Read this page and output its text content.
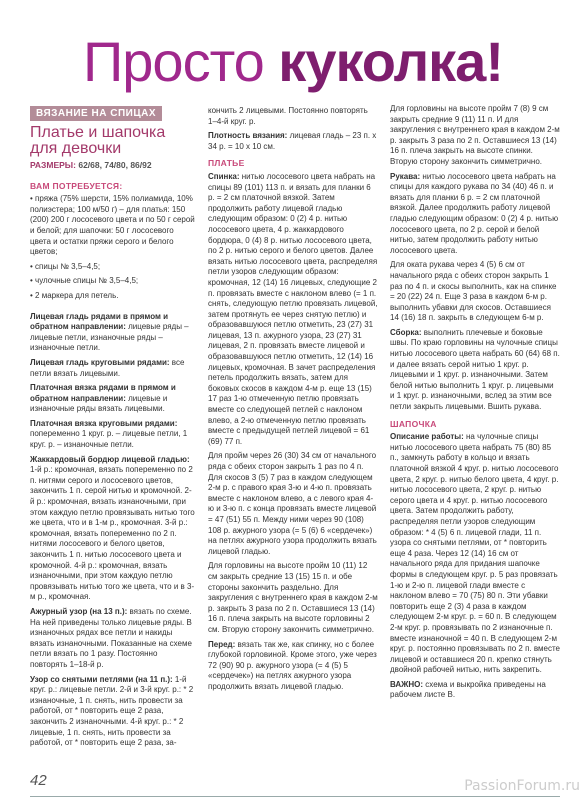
Просто куколка!
ВЯЗАНИЕ НА СПИЦАХ
Платье и шапочка для девочки
РАЗМЕРЫ: 62/68, 74/80, 86/92
ВАМ ПОТРЕБУЕТСЯ:

• пряжа (75% шерсти, 15% полиамида, 10% полиэстера; 100 м/50 г) – для платья: 150 (200) 200 г лососевого цвета и по 50 г серой и белой; для шапочки: 50 г лососевого цвета и остатки пряжи серого и белого цветов;

• спицы № 3,5–4,5;

• чулочные спицы № 3,5–4,5;

• 2 маркера для петель.

Лицевая гладь рядами в прямом и обратном направлении: лицевые ряды – лицевые петли, изнаночные ряды – изнаночные петли.

Лицевая гладь круговыми рядами: все петли вязать лицевыми.

Платочная вязка рядами в прямом и обратном направлении: лицевые и изнаночные ряды вязать лицевыми.

Платочная вязка круговыми рядами: попеременно 1 круг. р. – лицевые петли, 1 круг. р. – изнаночные петли.

Жаккардовый бордюр лицевой гладью: 1-й р.: кромочная, вязать попеременно по 2 п. нитями серого и лососевого цветов, закончить 1 п. серой нитью и кромочной. 2-й р.: кромочная, вязать изнаночными, при этом каждую петлю провязывать нитью того же цвета, что и в 1-м р., кромочная. 3-й р.: кромочная, вязать попеременно по 2 п. нитями лососевого и белого цветов, закончить 1 п. нитью лососевого цвета и кромочной. 4-й р.: кромочная, вязать изнаночными, при этом каждую петлю провязывать нитью того же цвета, что и в 3-м р., кромочная.

Ажурный узор (на 13 п.): вязать по схеме. На ней приведены только лицевые ряды. В изнаночных рядах все петли и накиды вязать изнаночными. Показанные на схеме петли вязать по 1 разу. Постоянно повторять 1–18-й р.

Узор со снятыми петлями (на 11 п.): 1-й круг. р.: лицевые петли. 2-й и 3-й круг. р.: * 2 изнаночные, 1 п. снять, нить провести за работой, от * повторить еще 2 раза, закончить 2 изнаночными. 4-й круг. р.: * 2 лицевые, 1 п. снять, нить провести за работой, от * повторить еще 2 раза, за-

кончить 2 лицевыми. Постоянно повторять 1–4-й круг. р.

Плотность вязания: лицевая гладь – 23 п. х 34 р. = 10 х 10 см.

ПЛАТЬЕ

Спинка: нитью лососевого цвета набрать на спицы 89 (101) 113 п. и вязать для планки 6 р. = 2 см платочной вязкой. Затем продолжить работу лицевой гладью следующим образом: 0 (2) 4 р. нитью лососевого цвета, 4 р. жаккардового бордюра, 0 (4) 8 р. нитью лососевого цвета, по 2 р. нитью серого и белого цветов. Далее вязать нитью лососевого цвета, распределяя петли узоров следующим образом: кромочная, 12 (14) 16 лицевых, следующие 2 п. провязать вместе с наклоном влево (= 1 п. снять, следующую петлю провязать лицевой, затем протянуть ее через снятую петлю) и образовавшуюся петлю отметить, 23 (27) 31 лицевая, 13 п. ажурного узора, 23 (27) 31 лицевая, 2 п. провязать вместе лицевой и образовавшуюся петлю отметить, 12 (14) 16 лицевых, кромочная. В зачет распределения петель продолжить вязать, затем для боковых скосов в каждом 4-м р. еще 13 (15) 17 раз 1-ю отмеченную петлю провязать вместе со следующей петлей с наклоном влево, а 2-ю отмеченную петлю провязать вместе с предыдущей петлей лицевой = 61 (69) 77 п.

Для пройм через 26 (30) 34 см от начального ряда с обеих сторон закрыть 1 раз по 4 п. Для скосов 3 (5) 7 раз в каждом следующем 2-м р. с правого края 3-ю и 4-ю п. провязать вместе с наклоном влево, а с левого края 4-ю и 3-ю п. с конца провязать вместе лицевой = 47 (51) 55 п. Между ними через 90 (108) 108 р. ажурного узора (= 5 (6) 6 «сердечек») на петлях ажурного узора продолжить вязать лицевой гладью.

Для горловины на высоте пройм 10 (11) 12 см закрыть средние 13 (15) 15 п. и обе стороны закончить раздельно. Для закругления с внутреннего края в каждом 2-м р. закрыть 3 раза по 2 п. Оставшиеся 13 (14) 16 п. плеча закрыть на высоте горловины 2 см. Вторую сторону закончить симметрично.

Перед: вязать так же, как спинку, но с более глубокой горловиной. Кроме этого, уже через 72 (90) 90 р. ажурного узора (= 4 (5) 5 «сердечек») на петлях ажурного узора продолжить вязать лицевой гладью.

Для горловины на высоте пройм 7 (8) 9 см закрыть средние 9 (11) 11 п. И для закругления с внутреннего края в каждом 2-м р. закрыть 3 раза по 2 п. Оставшиеся 13 (14) 16 п. плеча закрыть на высоте спинки. Вторую сторону закончить симметрично.

Рукава: нитью лососевого цвета набрать на спицы для каждого рукава по 34 (40) 46 п. и вязать для планки 6 р. = 2 см платочной вязкой. Далее продолжить работу лицевой гладью следующим образом: 0 (2) 4 р. нитью лососевого цвета, по 2 р. серой и белой нитью, затем продолжить работу нитью лососевого цвета.

Для оката рукава через 4 (5) 6 см от начального ряда с обеих сторон закрыть 1 раз по 4 п. и скосы выполнить, как на спинке = 20 (22) 24 п. Еще 3 раза в каждом 6-м р. выполнить убавки для скосов. Оставшиеся 14 (16) 18 п. закрыть в следующем 6-м р.

Сборка: выполнить плечевые и боковые швы. По краю горловины на чулочные спицы нитью лососевого цвета набрать 60 (64) 68 п. и далее вязать серой нитью 1 круг. р. лицевыми и 1 круг. р. изнаночными. Затем белой нитью выполнить 1 круг. р. лицевыми и 1 круг. р. изнаночными, вслед за этим все петли закрыть лицевыми. Вшить рукава.

ШАПОЧКА

Описание работы: на чулочные спицы нитью лососевого цвета набрать 75 (80) 85 п., замкнуть работу в кольцо и вязать платочной вязкой 4 круг. р. нитью лососевого цвета, 2 круг. р. нитью белого цвета, 4 круг. р. нитью лососевого цвета, 2 круг. р. нитью серого цвета и 4 круг. р. нитью лососевого цвета. Затем продолжить работу, распределяя петли узоров следующим образом: * 4 (5) 6 п. лицевой глади, 11 п. узора со снятыми петлями, от * повторить еще 4 раза. Через 12 (14) 16 см от начального ряда для придания шапочке формы в следующем круг. р. 5 раз провязать 1-ю и 2-ю п. лицевой глади вместе с наклоном влево = 70 (75) 80 п. Эти убавки повторить еще 2 (3) 4 раза в каждом следующем 2-м круг. р. = 60 п. В следующем 2-м круг. р. провязывать по 2 изнаночные п. вместе изнаночной = 40 п. В следующем 2-м круг. р. постоянно провязывать по 2 п. вместе лицевой и оставшиеся 20 п. крепко стянуть двойной рабочей нитью, нить закрепить.

ВАЖНО: схема и выкройка приведены на рабочем листе В.

42	PassionForum.ru
